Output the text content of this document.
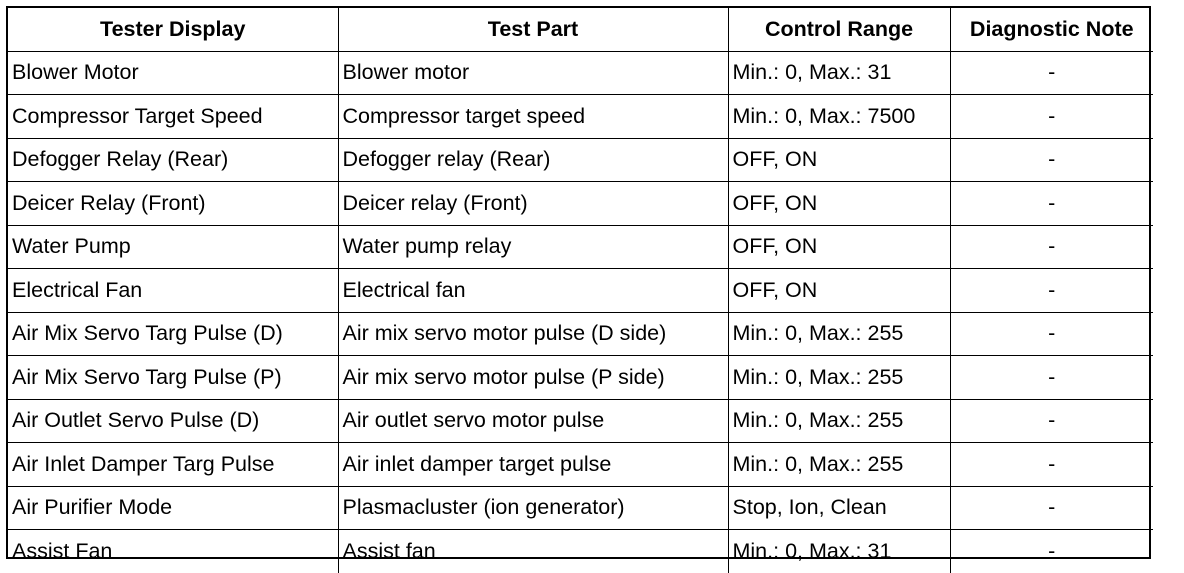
Tester Display	Test Part	Control Range	Diagnostic Note
Blower Motor	Blower motor	Min.: 0, Max.: 31	-
Compressor Target Speed	Compressor target speed	Min.: 0, Max.: 7500	-
Defogger Relay (Rear)	Defogger relay (Rear)	OFF, ON	-
Deicer Relay (Front)	Deicer relay (Front)	OFF, ON	-
Water Pump	Water pump relay	OFF, ON	-
Electrical Fan	Electrical fan	OFF, ON	-
Air Mix Servo Targ Pulse (D)	Air mix servo motor pulse (D side)	Min.: 0, Max.: 255	-
Air Mix Servo Targ Pulse (P)	Air mix servo motor pulse (P side)	Min.: 0, Max.: 255	-
Air Outlet Servo Pulse (D)	Air outlet servo motor pulse	Min.: 0, Max.: 255	-
Air Inlet Damper Targ Pulse	Air inlet damper target pulse	Min.: 0, Max.: 255	-
Air Purifier Mode	Plasmacluster (ion generator)	Stop, Ion, Clean	-
Assist Fan	Assist fan	Min.: 0, Max.: 31	-
